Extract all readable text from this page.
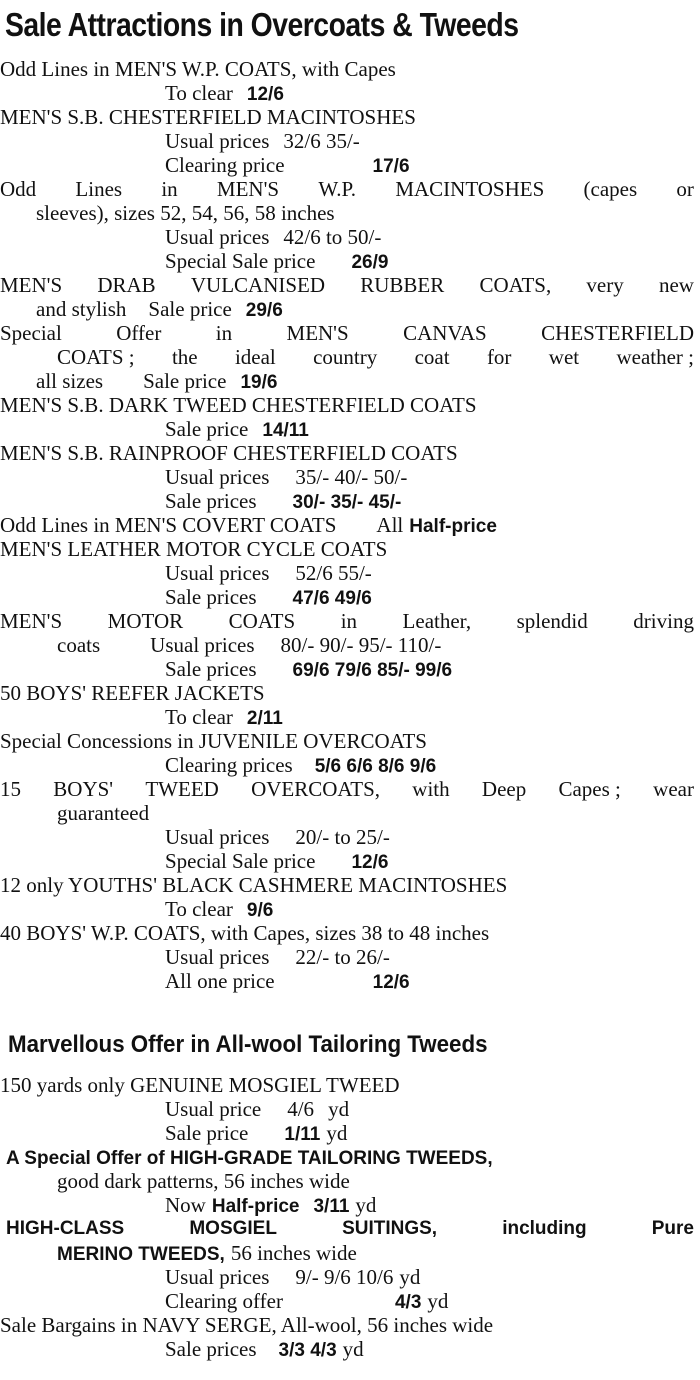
Sale Attractions in Overcoats & Tweeds
Odd Lines in MEN'S W.P. COATS, with Capes
To clear 12/6
MEN'S S.B. CHESTERFIELD MACINTOSHES
Usual prices 32/6 35/-
Clearing price	17/6
Odd Lines in MEN'S W.P. MACINTOSHES (capes or
sleeves), sizes 52, 54, 56, 58 inches
Usual prices 42/6 to 50/-
Special Sale price 26/9
MEN'S DRAB VULCANISED RUBBER COATS, very new
and stylish Sale price 29/6
Special	Offer	in	MEN'S	CANVAS	CHESTERFIELD
COATS ; the ideal country coat for wet weather ;
all sizes Sale price 19/6
MEN'S S.B. DARK TWEED CHESTERFIELD COATS
Sale price 14/11
MEN'S S.B. RAINPROOF CHESTERFIELD COATS
Usual prices 35/- 40/- 50/-
Sale prices 30/- 35/- 45/-
Odd Lines in MEN'S COVERT COATS All Half-price
MEN'S LEATHER MOTOR CYCLE COATS
Usual prices 52/6 55/-
Sale prices 47/6 49/6
MEN'S MOTOR COATS in Leather, splendid driving
coats Usual prices 80/- 90/- 95/- 110/-
Sale prices 69/6 79/6 85/- 99/6
50 BOYS' REEFER JACKETS
To clear 2/11
Special Concessions in JUVENILE OVERCOATS
Clearing prices 5/6 6/6 8/6 9/6
15 BOYS' TWEED OVERCOATS, with Deep Capes ; wear
guaranteed
Usual prices 20/- to 25/-
Special Sale price 12/6
12 only YOUTHS' BLACK CASHMERE MACINTOSHES
To clear 9/6
40 BOYS' W.P. COATS, with Capes, sizes 38 to 48 inches
Usual prices 22/- to 26/-
All one price	12/6
Marvellous Offer in All-wool Tailoring Tweeds
150 yards only GENUINE MOSGIEL TWEED
Usual price 4/6 yd
Sale price 1/11 yd
A Special Offer of HIGH-GRADE TAILORING TWEEDS,
good dark patterns, 56 inches wide
Now Half-price 3/11 yd
HIGH-CLASS	MOSGIEL	SUITINGS,	including	Pure
MERINO TWEEDS, 56 inches wide
Usual prices 9/- 9/6 10/6 yd
Clearing offer	4/3 yd
Sale Bargains in NAVY SERGE, All-wool, 56 inches wide
Sale prices 3/3 4/3 yd
